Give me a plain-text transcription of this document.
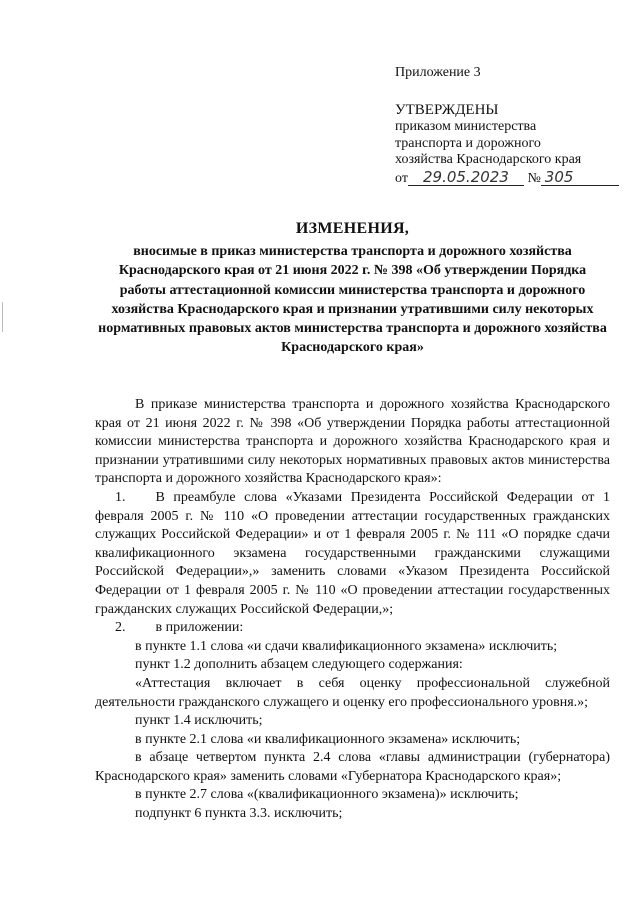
Приложение 3
УТВЕРЖДЕНЫ
приказом министерства
транспорта и дорожного
хозяйства Краснодарского края
от 29.05.2023 № 305
ИЗМЕНЕНИЯ,
вносимые в приказ министерства транспорта и дорожного хозяйства Краснодарского края от 21 июня 2022 г. № 398 «Об утверждении Порядка работы аттестационной комиссии министерства транспорта и дорожного хозяйства Краснодарского края и признании утратившими силу некоторых нормативных правовых актов министерства транспорта и дорожного хозяйства Краснодарского края»

В приказе министерства транспорта и дорожного хозяйства Краснодарского края от 21 июня 2022 г. № 398 «Об утверждении Порядка работы аттестационной комиссии министерства транспорта и дорожного хозяйства Краснодарского края и признании утратившими силу некоторых нормативных правовых актов министерства транспорта и дорожного хозяйства Краснодарского края»:

1. В преамбуле слова «Указами Президента Российской Федерации от 1 февраля 2005 г. № 110 «О проведении аттестации государственных гражданских служащих Российской Федерации» и от 1 февраля 2005 г. № 111 «О порядке сдачи квалификационного экзамена государственными гражданскими служащими Российской Федерации»,» заменить словами «Указом Президента Российской Федерации от 1 февраля 2005 г. № 110 «О проведении аттестации государственных гражданских служащих Российской Федерации,»;

2. в приложении:

в пункте 1.1 слова «и сдачи квалификационного экзамена» исключить;

пункт 1.2 дополнить абзацем следующего содержания:

«Аттестация включает в себя оценку профессиональной служебной деятельности гражданского служащего и оценку его профессионального уровня.»;

пункт 1.4 исключить;

в пункте 2.1 слова «и квалификационного экзамена» исключить;

в абзаце четвертом пункта 2.4 слова «главы администрации (губернатора) Краснодарского края» заменить словами «Губернатора Краснодарского края»;

в пункте 2.7 слова «(квалификационного экзамена)» исключить;

подпункт 6 пункта 3.3. исключить;
